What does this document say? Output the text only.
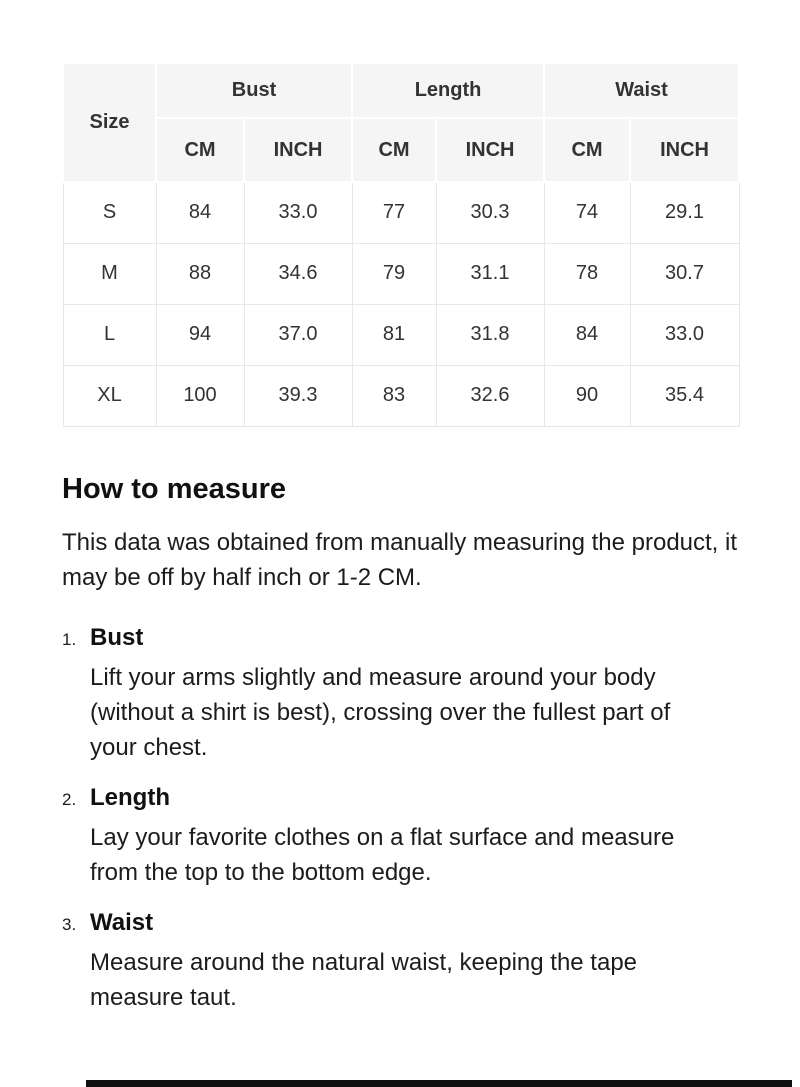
Size	Bust		Length		Waist	
	CM	INCH	CM	INCH	CM	INCH
S	84	33.0	77	30.3	74	29.1
M	88	34.6	79	31.1	78	30.7
L	94	37.0	81	31.8	84	33.0
XL	100	39.3	83	32.6	90	35.4
How to measure

This data was obtained from manually measuring the product, it may be off by half inch or 1-2 CM.

1. Bust

Lift your arms slightly and measure around your body (without a shirt is best), crossing over the fullest part of your chest.

2. Length

Lay your favorite clothes on a flat surface and measure from the top to the bottom edge.

3. Waist

Measure around the natural waist, keeping the tape measure taut.
